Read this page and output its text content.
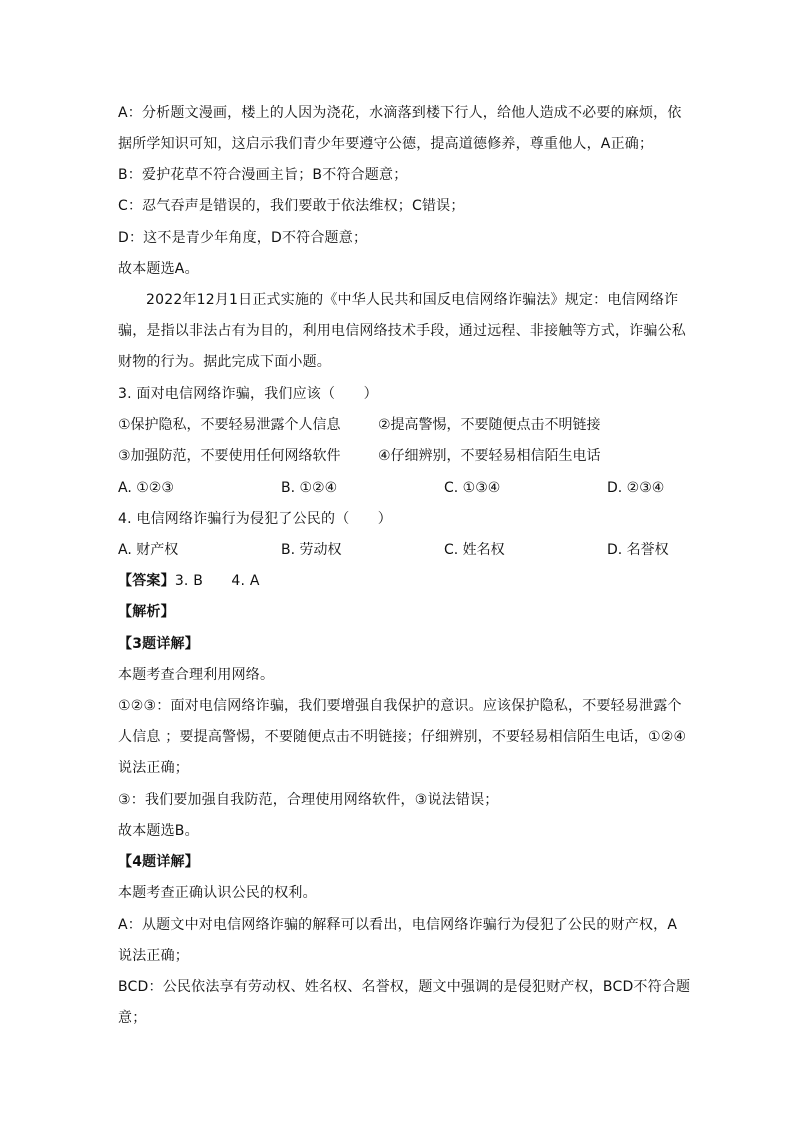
A：分析题文漫画，楼上的人因为浇花，水滴落到楼下行人，给他人造成不必要的麻烦，依
据所学知识可知，这启示我们青少年要遵守公德，提高道德修养，尊重他人，A正确；
B：爱护花草不符合漫画主旨；B不符合题意；
C：忍气吞声是错误的，我们要敢于依法维权；C错误；
D：这不是青少年角度，D不符合题意；
故本题选A。
2022年12月1日正式实施的《中华人民共和国反电信网络诈骗法》规定：电信网络诈
骗，是指以非法占有为目的，利用电信网络技术手段，通过远程、非接触等方式，诈骗公私
财物的行为。据此完成下面小题。
3. 面对电信网络诈骗，我们应该（　　）
①保护隐私，不要轻易泄露个人信息	②提高警惕，不要随便点击不明链接
③加强防范，不要使用任何网络软件	④仔细辨别，不要轻易相信陌生电话
A. ①②③	B. ①②④	C. ①③④	D. ②③④
4. 电信网络诈骗行为侵犯了公民的（　　）
A. 财产权	B. 劳动权	C. 姓名权	D. 名誉权
【答案】3. B　　4. A
【解析】
【3题详解】
本题考查合理利用网络。
①②③：面对电信网络诈骗，我们要增强自我保护的意识。应该保护隐私，不要轻易泄露个
人信息 ；要提高警惕，不要随便点击不明链接；仔细辨别，不要轻易相信陌生电话，①②④
说法正确；
③：我们要加强自我防范，合理使用网络软件，③说法错误；
故本题选B。
【4题详解】
本题考查正确认识公民的权利。
A：从题文中对电信网络诈骗的解释可以看出，电信网络诈骗行为侵犯了公民的财产权，A
说法正确；
BCD：公民依法享有劳动权、姓名权、名誉权，题文中强调的是侵犯财产权，BCD不符合题
意；
